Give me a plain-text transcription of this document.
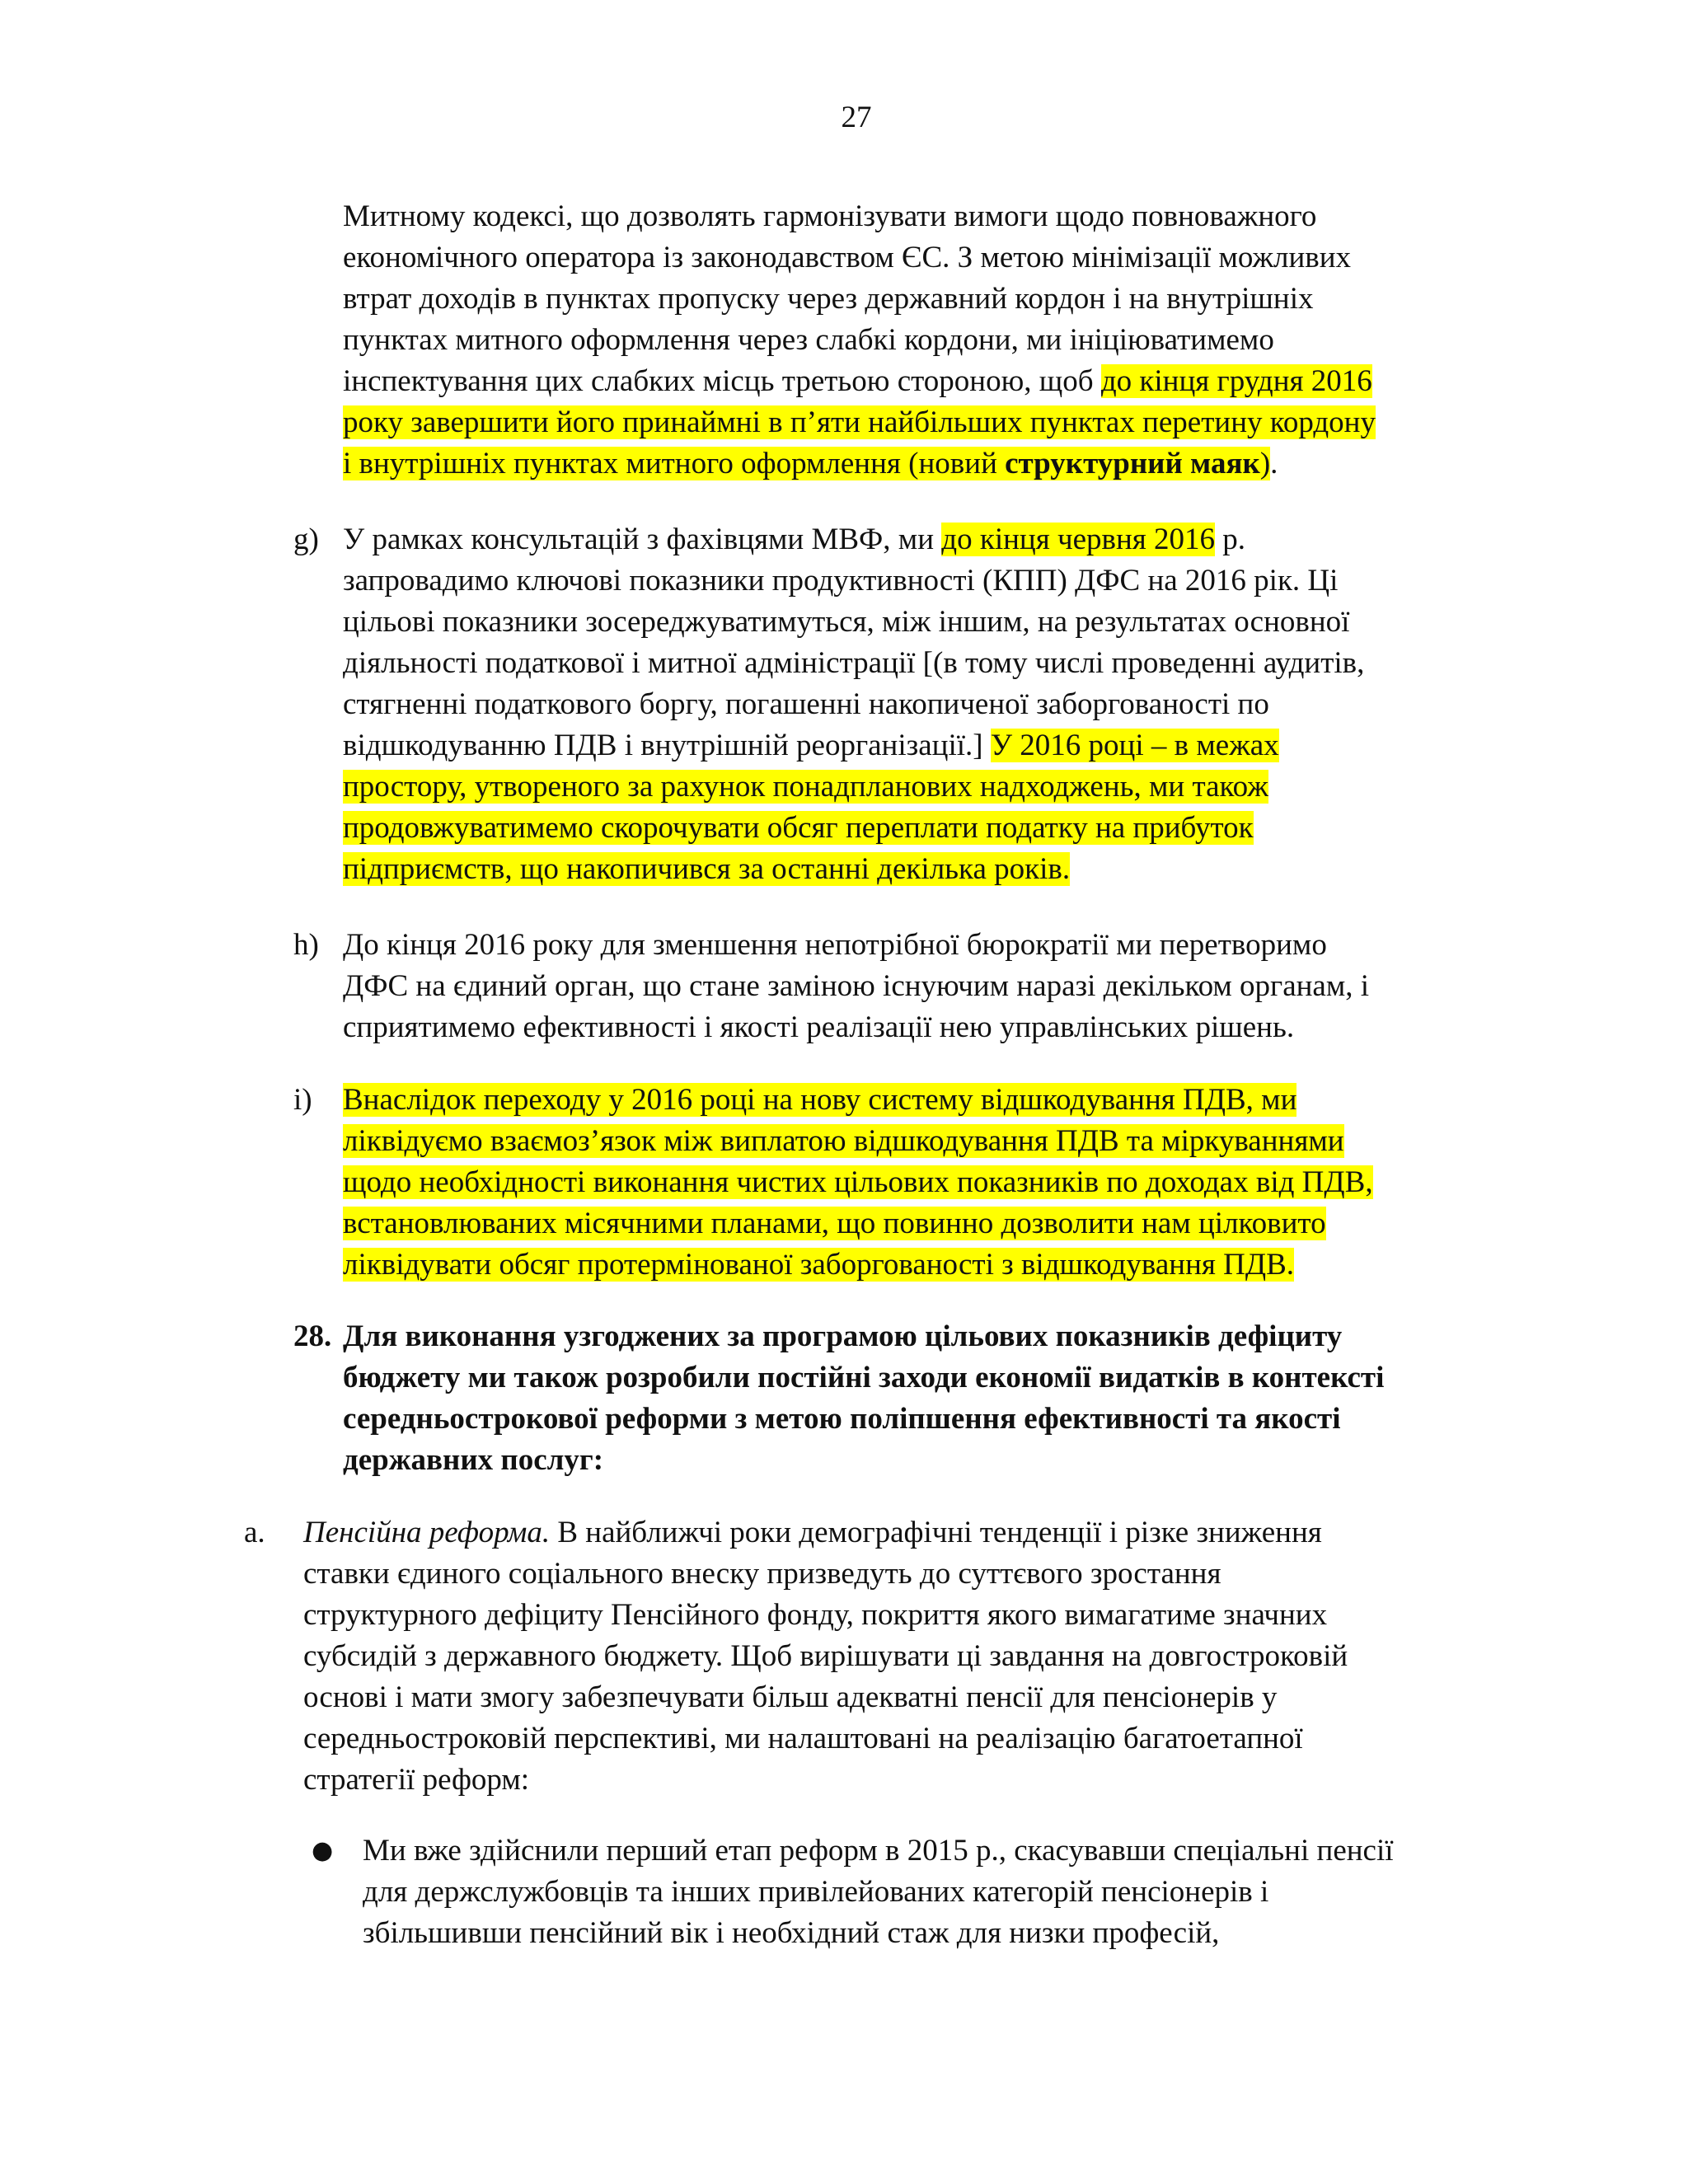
27
Митному кодексі, що дозволять гармонізувати вимоги щодо повноважного
економічного оператора із законодавством ЄС. З метою мінімізації можливих
втрат доходів в пунктах пропуску через державний кордон і на внутрішніх
пунктах митного оформлення через слабкі кордони, ми ініціюватимемо
інспектування цих слабких місць третьою стороною, щоб до кінця грудня 2016
року завершити його принаймні в п’яти найбільших пунктах перетину кордону
і внутрішніх пунктах митного оформлення (новий структурний маяк).
g) У рамках консультацій з фахівцями МВФ, ми до кінця червня 2016 р.
запровадимо ключові показники продуктивності (КПП) ДФС на 2016 рік. Ці
цільові показники зосереджуватимуться, між іншим, на результатах основної
діяльності податкової і митної адміністрації [(в тому числі проведенні аудитів,
стягненні податкового боргу, погашенні накопиченої заборгованості по
відшкодуванню ПДВ і внутрішній реорганізації.] У 2016 році – в межах
простору, утвореного за рахунок понадпланових надходжень, ми також
продовжуватимемо скорочувати обсяг переплати податку на прибуток
підприємств, що накопичився за останні декілька років.
h) До кінця 2016 року для зменшення непотрібної бюрократії ми перетворимо
ДФС на єдиний орган, що стане заміною існуючим наразі декільком органам, і
сприятимемо ефективності і якості реалізації нею управлінських рішень.
i) Внаслідок переходу у 2016 році на нову систему відшкодування ПДВ, ми
ліквідуємо взаємоз’язок між виплатою відшкодування ПДВ та міркуваннями
щодо необхідності виконання чистих цільових показників по доходах від ПДВ,
встановлюваних місячними планами, що повинно дозволити нам цілковито
ліквідувати обсяг протермінованої заборгованості з відшкодування ПДВ.
28. Для виконання узгоджених за програмою цільових показників дефіциту
бюджету ми також розробили постійні заходи економії видатків в контексті
середньострокової реформи з метою поліпшення ефективності та якості
державних послуг:
a. Пенсійна реформа. В найближчі роки демографічні тенденції і різке зниження
ставки єдиного соціального внеску призведуть до суттєвого зростання
структурного дефіциту Пенсійного фонду, покриття якого вимагатиме значних
субсидій з державного бюджету. Щоб вирішувати ці завдання на довгостроковій
основі і мати змогу забезпечувати більш адекватні пенсії для пенсіонерів у
середньостроковій перспективі, ми налаштовані на реалізацію багатоетапної
стратегії реформ:
● Ми вже здійснили перший етап реформ в 2015 р., скасувавши спеціальні пенсії
для держслужбовців та інших привілейованих категорій пенсіонерів і
збільшивши пенсійний вік і необхідний стаж для низки професій,
